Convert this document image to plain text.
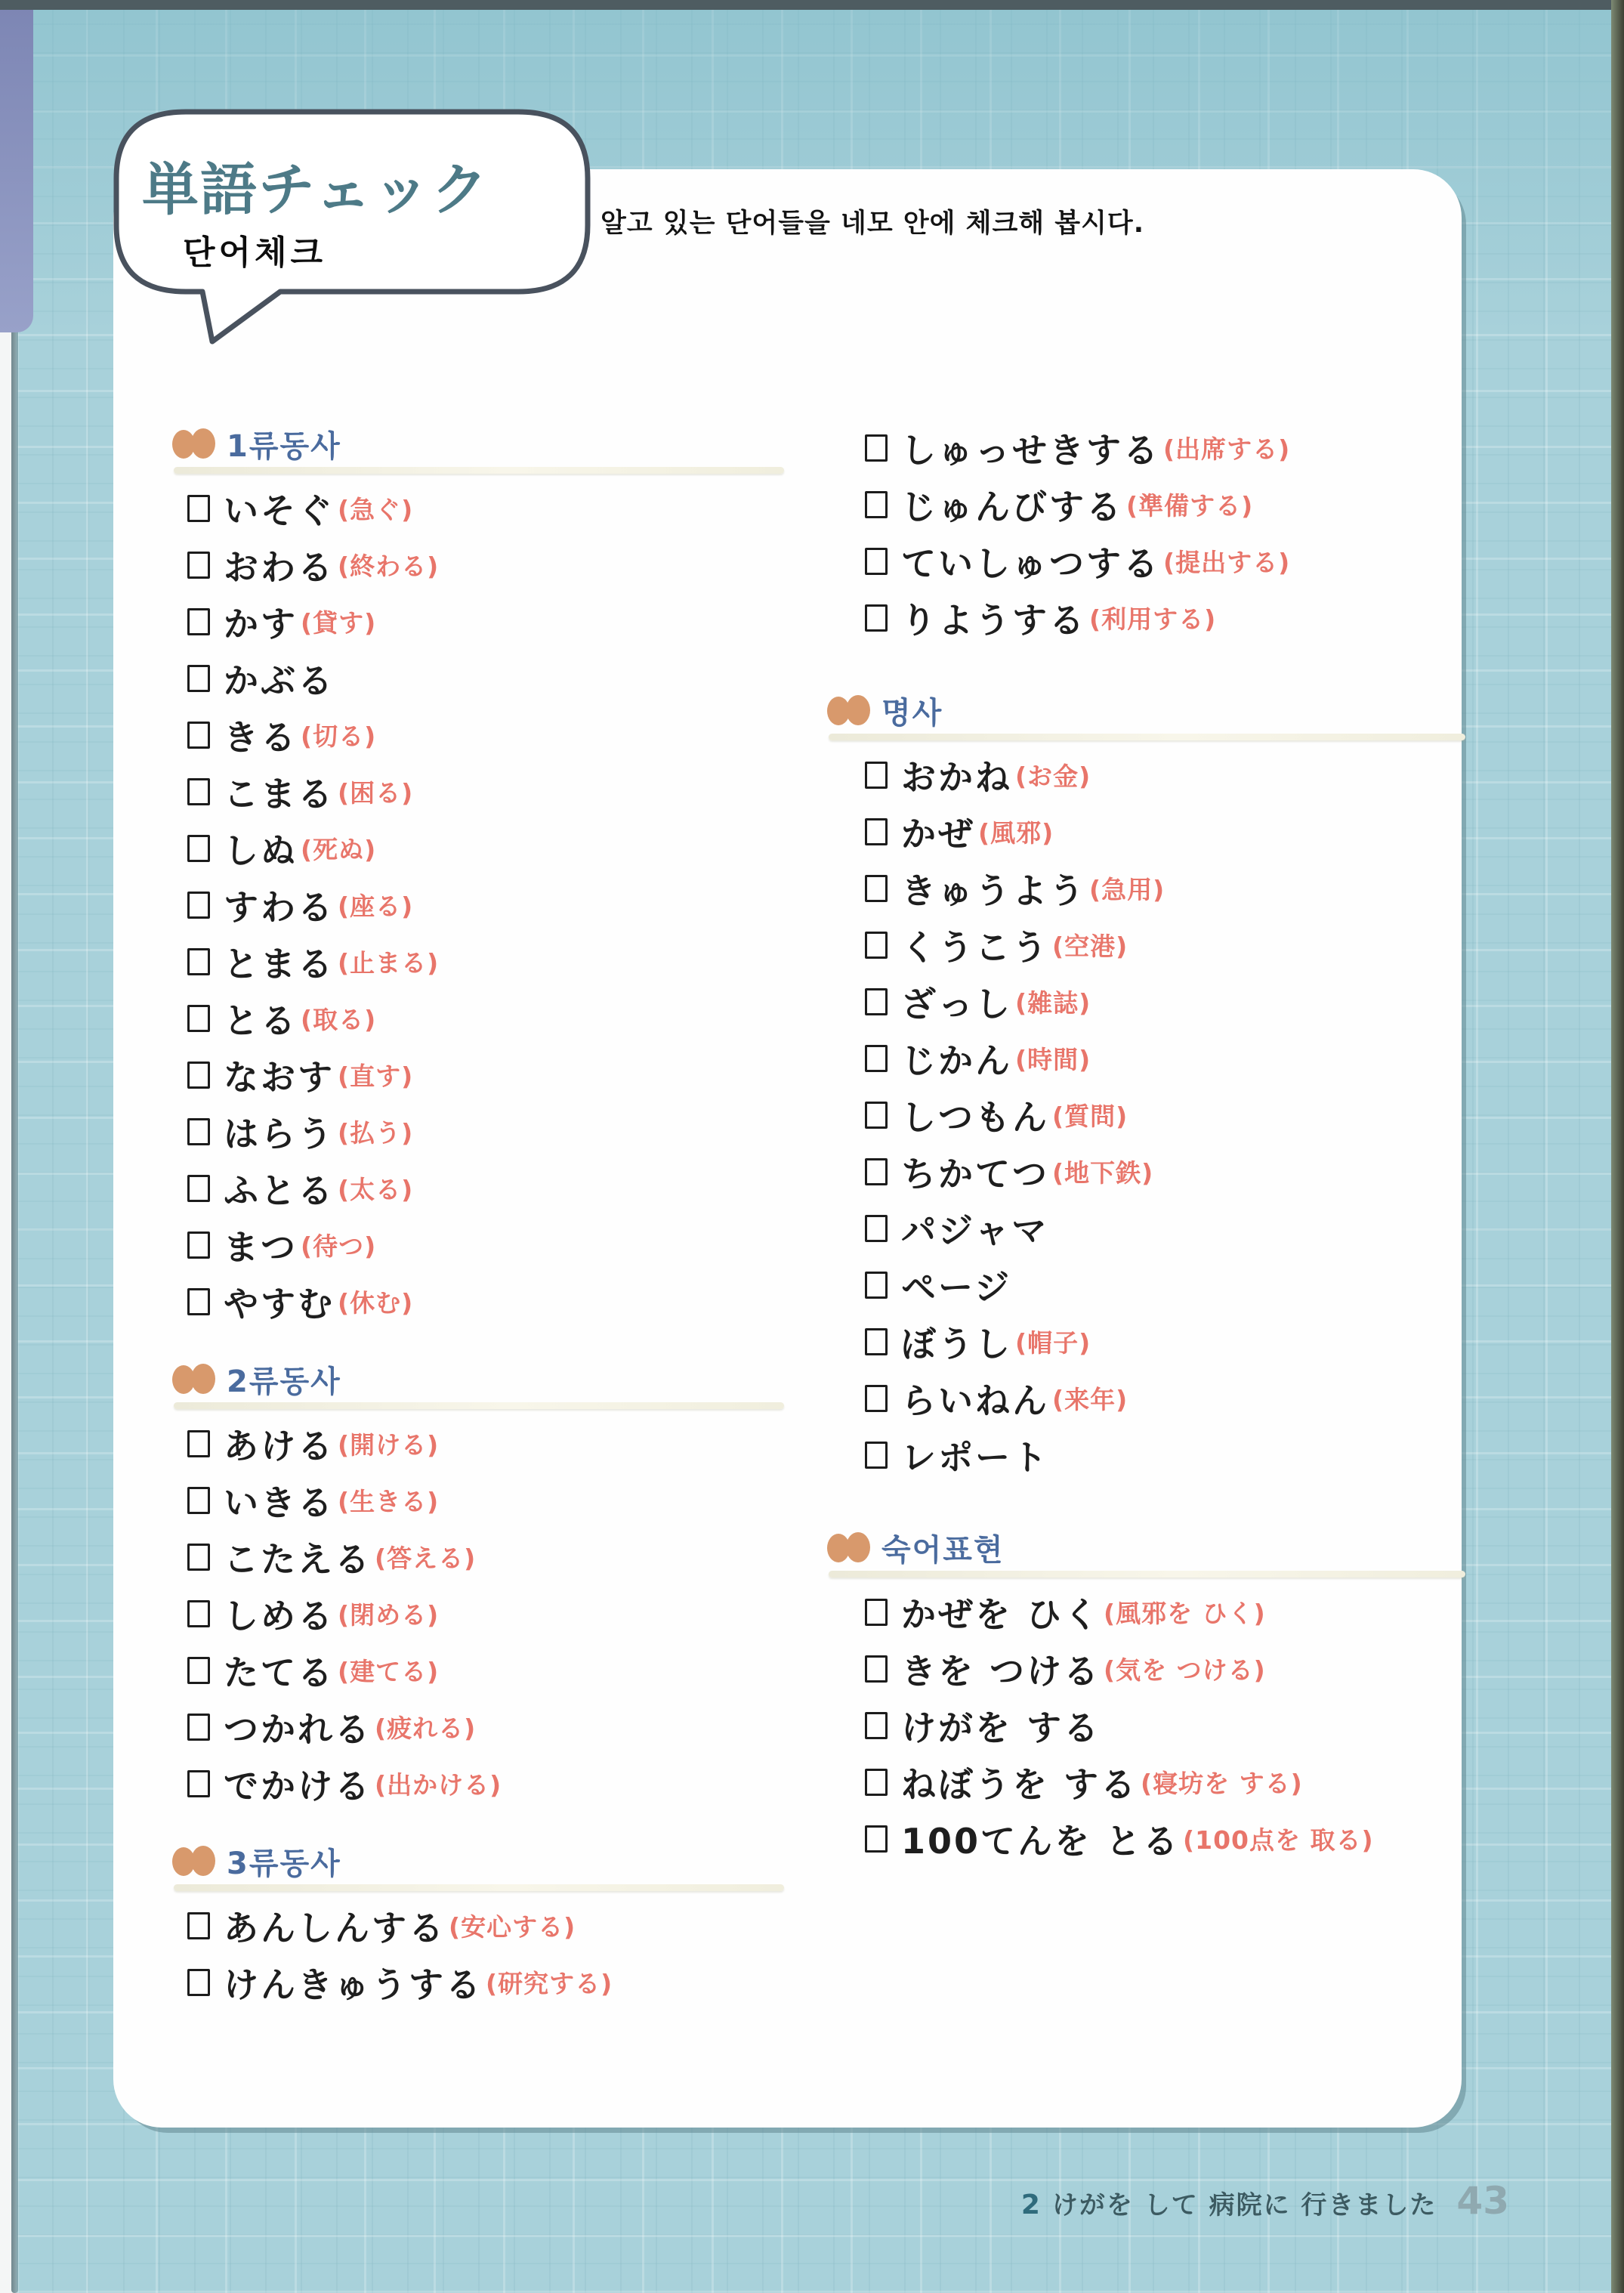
単語チェック
단어체크
알고 있는 단어들을 네모 안에 체크해 봅시다.
1류동사
いそぐ (急ぐ)
おわる (終わる)
かす (貸す)
かぶる
きる (切る)
こまる (困る)
しぬ (死ぬ)
すわる (座る)
とまる (止まる)
とる (取る)
なおす (直す)
はらう (払う)
ふとる (太る)
まつ (待つ)
やすむ (休む)
2류동사
あける (開ける)
いきる (生きる)
こたえる (答える)
しめる (閉める)
たてる (建てる)
つかれる (疲れる)
でかける (出かける)
3류동사
あんしんする (安心する)
けんきゅうする (研究する)
しゅっせきする (出席する)
じゅんびする (準備する)
ていしゅつする (提出する)
りようする (利用する)
명사
おかね (お金)
かぜ (風邪)
きゅうよう (急用)
くうこう (空港)
ざっし (雑誌)
じかん (時間)
しつもん (質問)
ちかてつ (地下鉄)
パジャマ
ページ
ぼうし (帽子)
らいねん (来年)
レポート
숙어표현
かぜを ひく (風邪を ひく)
きを つける (気を つける)
けがを する
ねぼうを する (寝坊を する)
100てんを とる (100点を 取る)
2 けがを して 病院に 行きました 43
